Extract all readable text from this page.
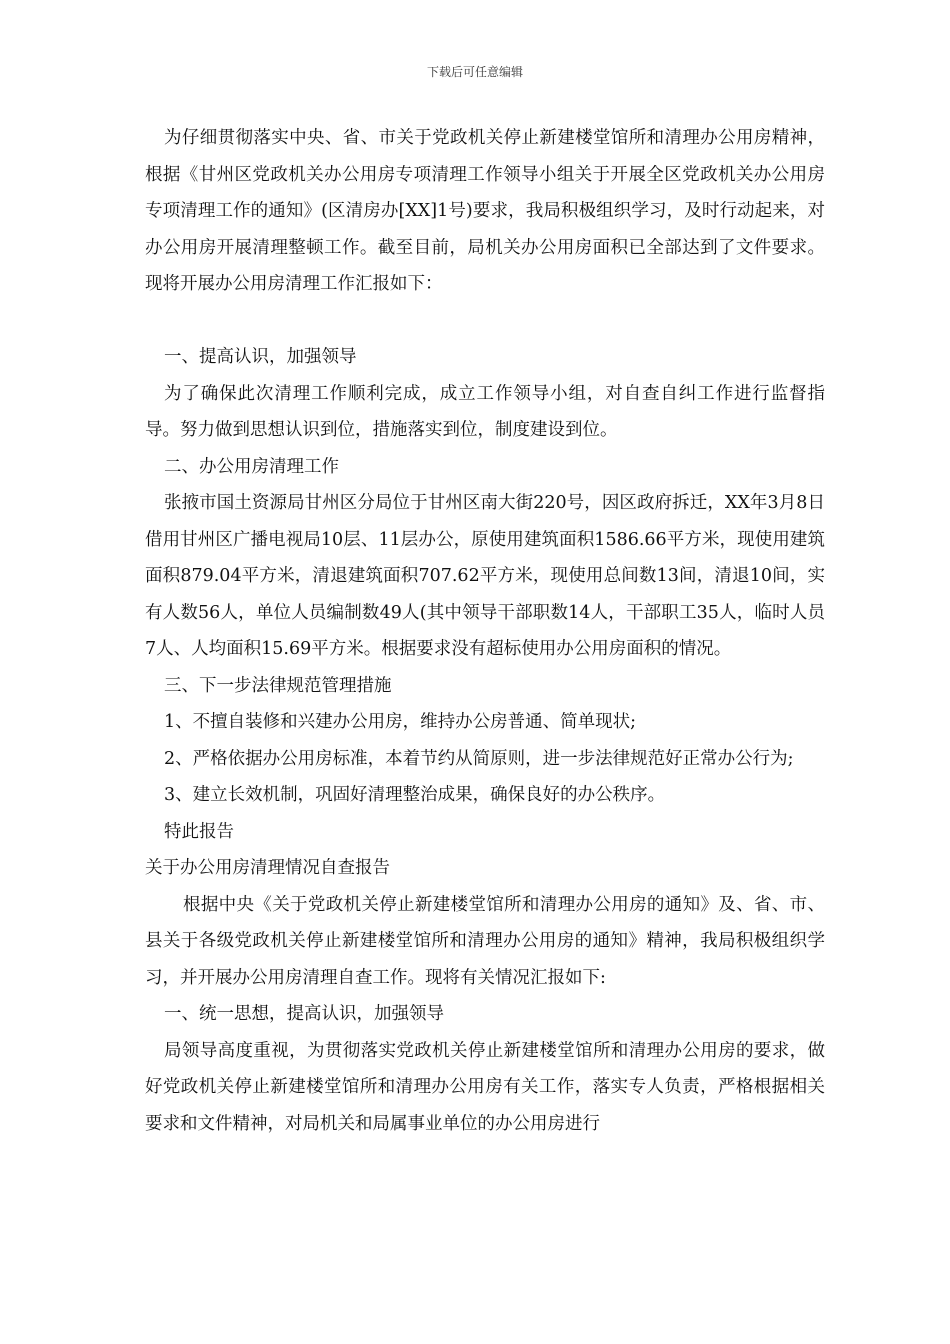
下载后可任意编辑

为仔细贯彻落实中央、省、市关于党政机关停止新建楼堂馆所和清理办公用房精神，根据《甘州区党政机关办公用房专项清理工作领导小组关于开展全区党政机关办公用房专项清理工作的通知》(区清房办[XX]1号)要求，我局积极组织学习，及时行动起来，对办公用房开展清理整顿工作。截至目前，局机关办公用房面积已全部达到了文件要求。现将开展办公用房清理工作汇报如下：

一、提高认识，加强领导

为了确保此次清理工作顺利完成，成立工作领导小组，对自查自纠工作进行监督指导。努力做到思想认识到位，措施落实到位，制度建设到位。

二、办公用房清理工作

张掖市国土资源局甘州区分局位于甘州区南大街220号，因区政府拆迁，XX年3月8日借用甘州区广播电视局10层、11层办公，原使用建筑面积1586.66平方米，现使用建筑面积879.04平方米，清退建筑面积707.62平方米，现使用总间数13间，清退10间，实有人数56人，单位人员编制数49人(其中领导干部职数14人，干部职工35人，临时人员7人、人均面积15.69平方米。根据要求没有超标使用办公用房面积的情况。

三、下一步法律规范管理措施

1、不擅自装修和兴建办公用房，维持办公房普通、简单现状;

2、严格依据办公用房标准，本着节约从简原则，进一步法律规范好正常办公行为;

3、建立长效机制，巩固好清理整治成果，确保良好的办公秩序。

特此报告

关于办公用房清理情况自查报告

根据中央《关于党政机关停止新建楼堂馆所和清理办公用房的通知》及、省、市、县关于各级党政机关停止新建楼堂馆所和清理办公用房的通知》精神，我局积极组织学习，并开展办公用房清理自查工作。现将有关情况汇报如下:

一、统一思想，提高认识，加强领导

局领导高度重视，为贯彻落实党政机关停止新建楼堂馆所和清理办公用房的要求，做好党政机关停止新建楼堂馆所和清理办公用房有关工作，落实专人负责，严格根据相关要求和文件精神，对局机关和局属事业单位的办公用房进行
